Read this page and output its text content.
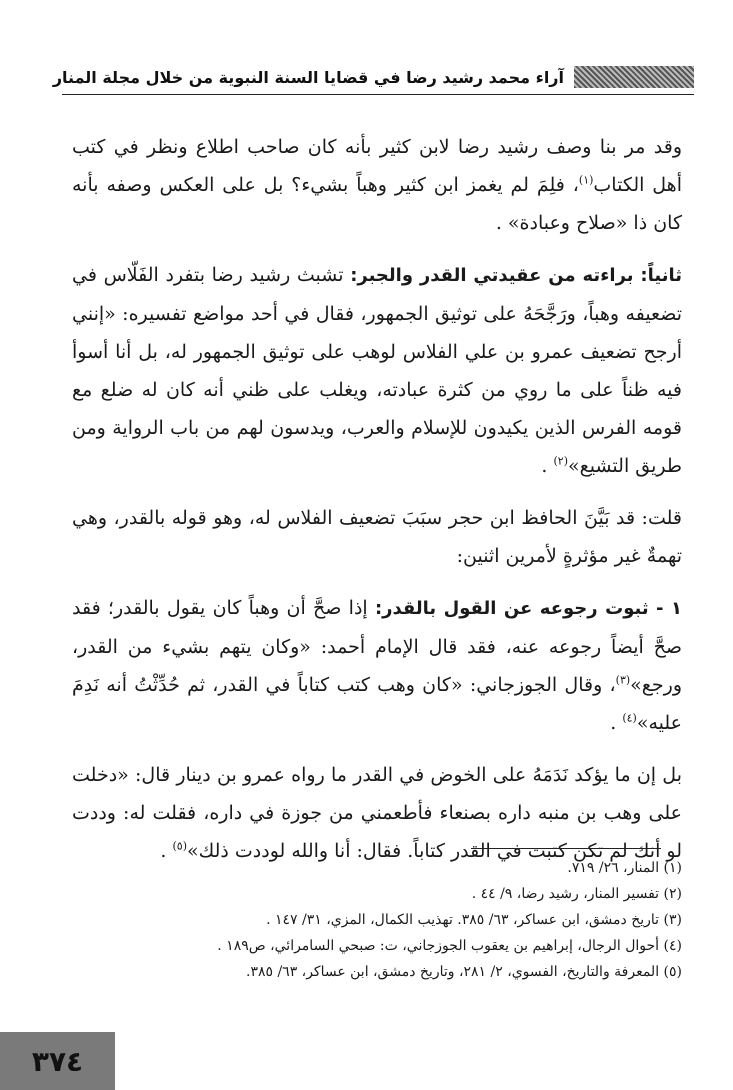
آراء محمد رشيد رضا في قضايا السنة النبوية من خلال مجلة المنار

وقد مر بنا وصف رشيد رضا لابن كثير بأنه كان صاحب اطلاع ونظر في كتب أهل الكتاب$^{(١)}$، فلِمَ لم يغمز ابن كثير وهباً بشيء؟ بل على العكس وصفه بأنه كان ذا «صلاح وعبادة» .

ثانياً: براءته من عقيدتي القدر والجبر: تشبث رشيد رضا بتفرد الفَلّاس في تضعيفه وهباً، ورَجَّحَهُ على توثيق الجمهور، فقال في أحد مواضع تفسيره: «إنني أرجح تضعيف عمرو بن علي الفلاس لوهب على توثيق الجمهور له، بل أنا أسوأ فيه ظناً على ما روي من كثرة عبادته، ويغلب على ظني أنه كان له ضلع مع قومه الفرس الذين يكيدون للإسلام والعرب، ويدسون لهم من باب الرواية ومن طريق التشيع»$^{(٢)}$ .

قلت: قد بَيَّنَ الحافظ ابن حجر سبَبَ تضعيف الفلاس له، وهو قوله بالقدر، وهي تهمةٌ غير مؤثرةٍ لأمرين اثنين:

١ - ثبوت رجوعه عن القول بالقدر: إذا صحَّ أن وهباً كان يقول بالقدر؛ فقد صحَّ أيضاً رجوعه عنه، فقد قال الإمام أحمد: «وكان يتهم بشيء من القدر، ورجع»$^{(٣)}$، وقال الجوزجاني: «كان وهب كتب كتاباً في القدر، ثم حُدِّثْتُ أنه نَدِمَ عليه»$^{(٤)}$ .

بل إن ما يؤكد نَدَمَهُ على الخوض في القدر ما رواه عمرو بن دينار قال: «دخلت على وهب بن منبه داره بصنعاء فأطعمني من جوزة في داره، فقلت له: وددت لو أنك لم تكن كتبت في القدر كتاباً. فقال: أنا والله لوددت ذلك»$^{(٥)}$ .

(١) المنار، ٢٦/ ٧١٩.

(٢) تفسير المنار، رشيد رضا، ٩/ ٤٤ .

(٣) تاريخ دمشق، ابن عساكر، ٦٣/ ٣٨٥. تهذيب الكمال، المزي، ٣١/ ١٤٧ .

(٤) أحوال الرجال، إبراهيم بن يعقوب الجوزجاني، ت: صبحي السامرائي، ص١٨٩ .

(٥) المعرفة والتاريخ، الفسوي، ٢/ ٢٨١، وتاريخ دمشق، ابن عساكر، ٦٣/ ٣٨٥.

٣٧٤
